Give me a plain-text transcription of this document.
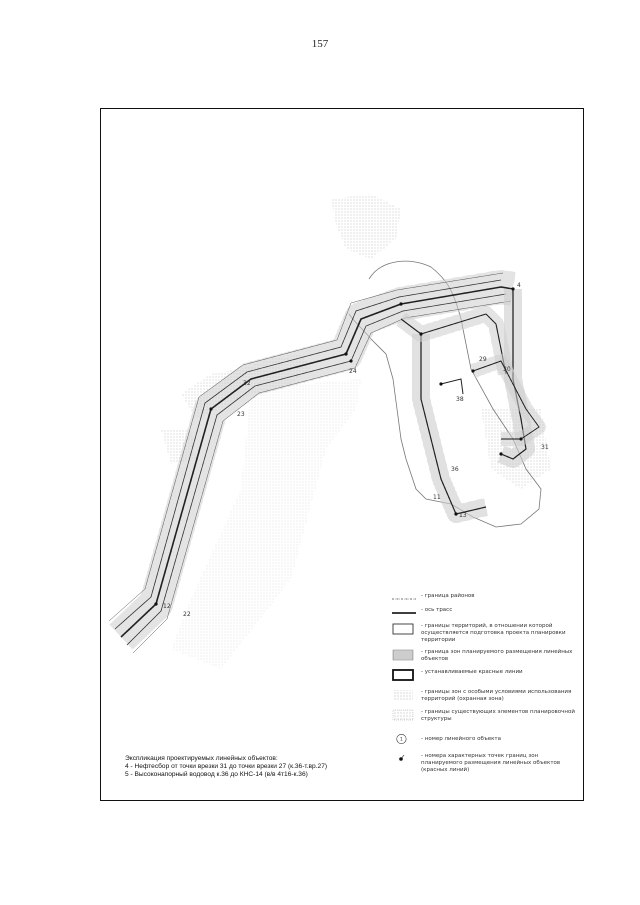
157
4
23
24
32
38
29
30
31
12
22
36
11
13
- граница районов
- ось трасс
- границы территорий, в отношении которой осуществляется подготовка проекта планировки территории
- граница зон планируемого размещения линейных объектов
- устанавливаемые красные линии
- границы зон с особыми условиями использования территорий (охранная зона)
- границы существующих элементов планировочной структуры
1	- номер линейного объекта
- номера характерных точек границ зон планируемого размещения линейных объектов (красных линий)
Экспликация проектируемых линейных объектов:
4 - Нефтесбор от точки врезки 31 до точки врезки 27 (к.36-т.вр.27)
5 - Высоконапорный водовод к.36 до КНС-14 (в/в 4т16-к.36)
